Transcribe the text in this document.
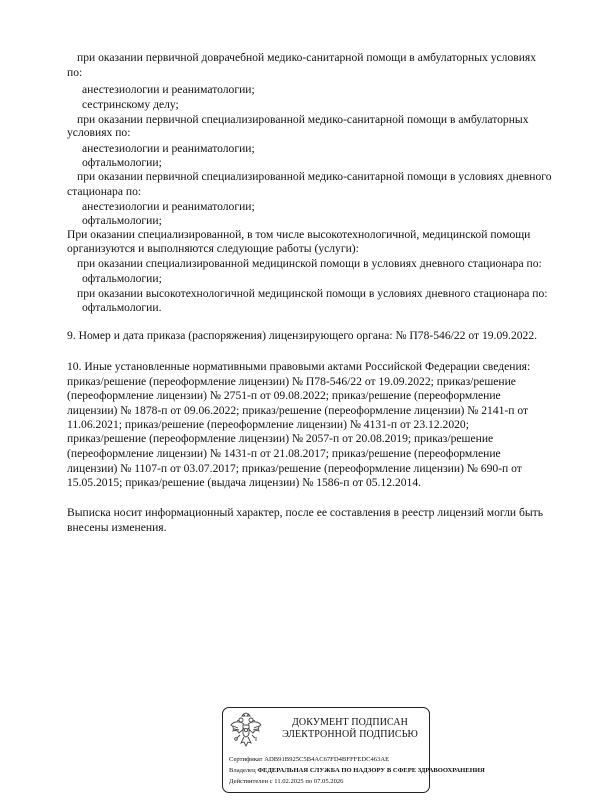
при оказании первичной доврачебной медико-санитарной помощи в амбулаторных условиях
по:
анестезиологии и реаниматологии;
сестринскому делу;
при оказании первичной специализированной медико-санитарной помощи в амбулаторных
условиях по:
анестезиологии и реаниматологии;
офтальмологии;
при оказании первичной специализированной медико-санитарной помощи в условиях дневного
стационара по:
анестезиологии и реаниматологии;
офтальмологии;
При оказании специализированной, в том числе высокотехнологичной, медицинской помощи
организуются и выполняются следующие работы (услуги):
при оказании специализированной медицинской помощи в условиях дневного стационара по:
офтальмологии;
при оказании высокотехнологичной медицинской помощи в условиях дневного стационара по:
офтальмологии.
9. Номер и дата приказа (распоряжения) лицензирующего органа: № П78-546/22 от 19.09.2022.
10. Иные установленные нормативными правовыми актами Российской Федерации сведения:
приказ/решение (переоформление лицензии) № П78-546/22 от 19.09.2022; приказ/решение
(переоформление лицензии) № 2751-п от 09.08.2022; приказ/решение (переоформление
лицензии) № 1878-п от 09.06.2022; приказ/решение (переоформление лицензии) № 2141-п от
11.06.2021; приказ/решение (переоформление лицензии) № 4131-п от 23.12.2020;
приказ/решение (переоформление лицензии) № 2057-п от 20.08.2019; приказ/решение
(переоформление лицензии) № 1431-п от 21.08.2017; приказ/решение (переоформление
лицензии) № 1107-п от 03.07.2017; приказ/решение (переоформление лицензии) № 690-п от
15.05.2015; приказ/решение (выдача лицензии) № 1586-п от 05.12.2014.
Выписка носит информационный характер, после ее составления в реестр лицензий могли быть
внесены изменения.
ДОКУМЕНТ ПОДПИСАН
ЭЛЕКТРОННОЙ ПОДПИСЬЮ
Сертификат ADB91B925C5B4AC67FD4BFFFEDC463AE
Владелец ФЕДЕРАЛЬНАЯ СЛУЖБА ПО НАДЗОРУ В СФЕРЕ ЗДРАВООХРАНЕНИЯ
Действителен с 11.02.2025 по 07.05.2026
